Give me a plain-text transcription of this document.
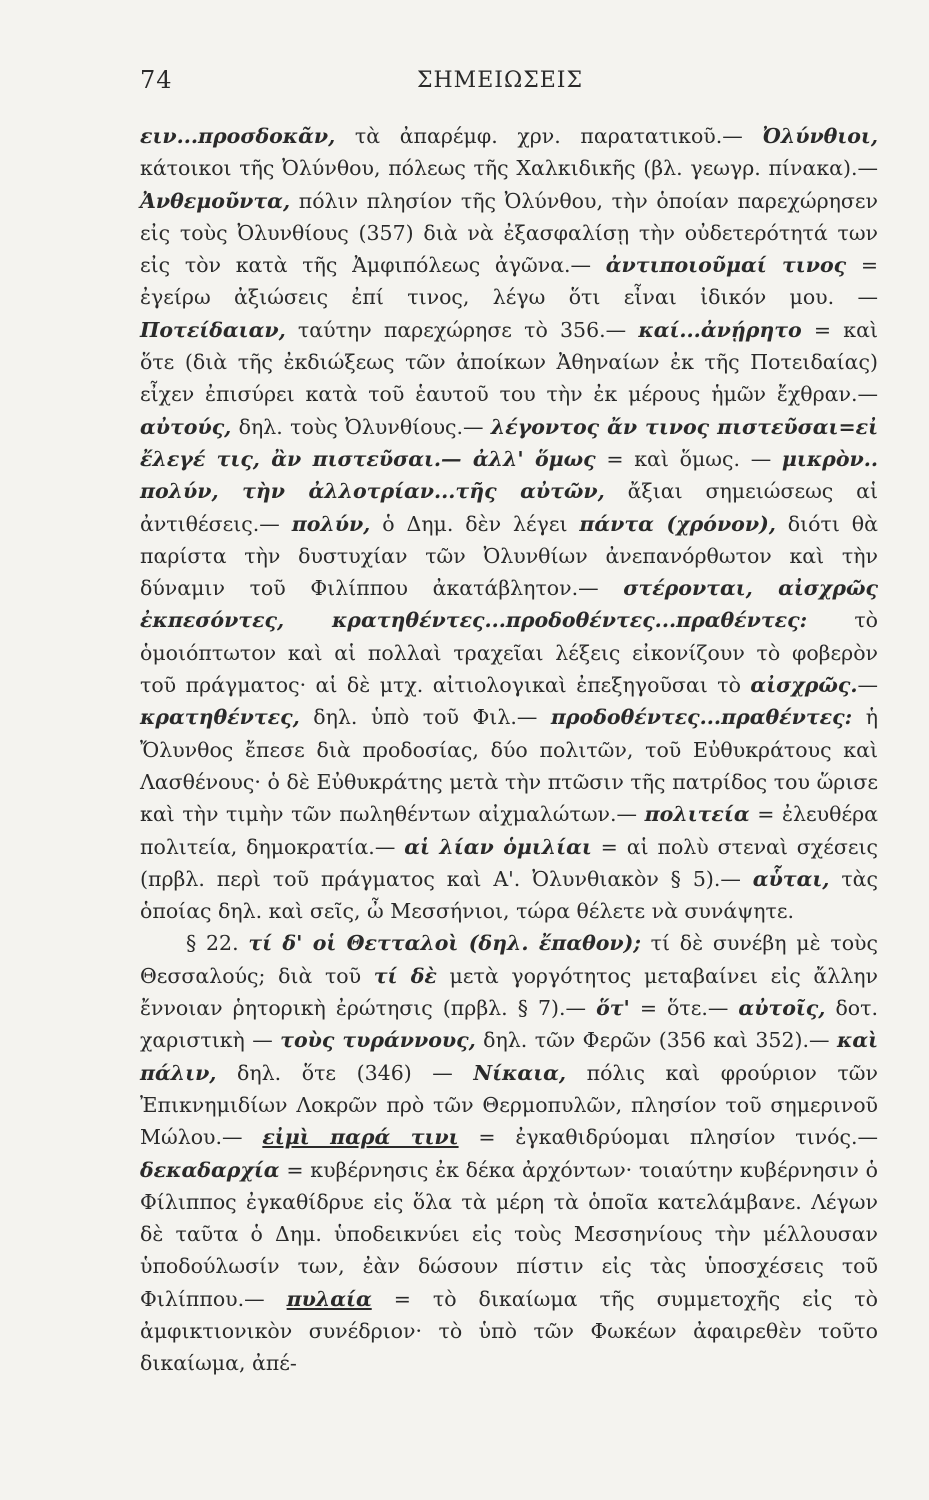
74	ΣΗΜΕΙΩΣΕΙΣ

ειν...προσδοκᾶν, τὰ ἀπαρέμφ. χρν. παρατατικοῦ.— Ὀλύνθιοι, κάτοικοι τῆς Ὀλύνθου, πόλεως τῆς Χαλκιδικῆς (βλ. γεωγρ. πίνακα).— Ἀνθεμοῦντα, πόλιν πλησίον τῆς Ὀλύνθου, τὴν ὁποίαν παρεχώρησεν εἰς τοὺς Ὀλυνθίους (357) διὰ νὰ ἐξασφαλίσῃ τὴν οὐδετερότητά των εἰς τὸν κατὰ τῆς Ἀμφιπόλεως ἀγῶνα.— ἀντιποιοῦμαί τινος = ἐγείρω ἀξιώσεις ἐπί τινος, λέγω ὅτι εἶναι ἰδικόν μου. — Ποτείδαιαν, ταύτην παρεχώρησε τὸ 356.— καί...ἀνῄρητο = καὶ ὅτε (διὰ τῆς ἐκδιώξεως τῶν ἀποίκων Ἀθηναίων ἐκ τῆς Ποτειδαίας) εἶχεν ἐπισύρει κατὰ τοῦ ἑαυτοῦ του τὴν ἐκ μέρους ἡμῶν ἔχθραν.— αὐτούς, δηλ. τοὺς Ὀλυνθίους.— λέγοντος ἄν τινος πιστεῦσαι=εἰ ἔλεγέ τις, ἂν πιστεῦσαι.— ἀλλ' ὅμως = καὶ ὅμως. — μικρὸν.. πολύν, τὴν ἀλλοτρίαν...τῆς αὐτῶν, ἄξιαι σημειώσεως αἱ ἀντιθέσεις.— πολύν, ὁ Δημ. δὲν λέγει πάντα (χρόνον), διότι θὰ παρίστα τὴν δυστυχίαν τῶν Ὀλυνθίων ἀνεπανόρθωτον καὶ τὴν δύναμιν τοῦ Φιλίππου ἀκατάβλητον.— στέρονται, αἰσχρῶς ἐκπεσόντες, κρατηθέντες...προδοθέντες...πραθέντες: τὸ ὁμοιόπτωτον καὶ αἱ πολλαὶ τραχεῖαι λέξεις εἰκονίζουν τὸ φοβερὸν τοῦ πράγματος· αἱ δὲ μτχ. αἰτιολογικαὶ ἐπεξηγοῦσαι τὸ αἰσχρῶς.— κρατηθέντες, δηλ. ὑπὸ τοῦ Φιλ.— προδοθέντες...πραθέντες: ἡ Ὄλυνθος ἔπεσε διὰ προδοσίας, δύο πολιτῶν, τοῦ Εὐθυκράτους καὶ Λασθένους· ὁ δὲ Εὐθυκράτης μετὰ τὴν πτῶσιν τῆς πατρίδος του ὥρισε καὶ τὴν τιμὴν τῶν πωληθέντων αἰχμαλώτων.— πολιτεία = ἐλευθέρα πολιτεία, δημοκρατία.— αἱ λίαν ὁμιλίαι = αἱ πολὺ στεναὶ σχέσεις (πρβλ. περὶ τοῦ πράγματος καὶ Α'. Ὀλυνθιακὸν § 5).— αὗται, τὰς ὁποίας δηλ. καὶ σεῖς, ὦ Μεσσήνιοι, τώρα θέλετε νὰ συνάψητε.

§ 22. τί δ' οἱ Θετταλοὶ (δηλ. ἔπαθον); τί δὲ συνέβη μὲ τοὺς Θεσσαλούς; διὰ τοῦ τί δὲ μετὰ γοργότητος μεταβαίνει εἰς ἄλλην ἔννοιαν ῥητορικὴ ἐρώτησις (πρβλ. § 7).— ὅτ' = ὅτε.— αὐτοῖς, δοτ. χαριστικὴ — τοὺς τυράννους, δηλ. τῶν Φερῶν (356 καὶ 352).— καὶ πάλιν, δηλ. ὅτε (346) — Νίκαια, πόλις καὶ φρούριον τῶν Ἐπικνημιδίων Λοκρῶν πρὸ τῶν Θερμοπυλῶν, πλησίον τοῦ σημερινοῦ Μώλου.— εἰμὶ παρά τινι = ἐγκαθιδρύομαι πλησίον τινός.— δεκαδαρχία = κυβέρνησις ἐκ δέκα ἀρχόντων· τοιαύτην κυβέρνησιν ὁ Φίλιππος ἐγκαθίδρυε εἰς ὅλα τὰ μέρη τὰ ὁποῖα κατελάμβανε. Λέγων δὲ ταῦτα ὁ Δημ. ὑποδεικνύει εἰς τοὺς Μεσσηνίους τὴν μέλλουσαν ὑποδούλωσίν των, ἐὰν δώσουν πίστιν εἰς τὰς ὑποσχέσεις τοῦ Φιλίππου.— πυλαία = τὸ δικαίωμα τῆς συμμετοχῆς εἰς τὸ ἀμφικτιονικὸν συνέδριον· τὸ ὑπὸ τῶν Φωκέων ἀφαιρεθὲν τοῦτο δικαίωμα, ἀπέ-
